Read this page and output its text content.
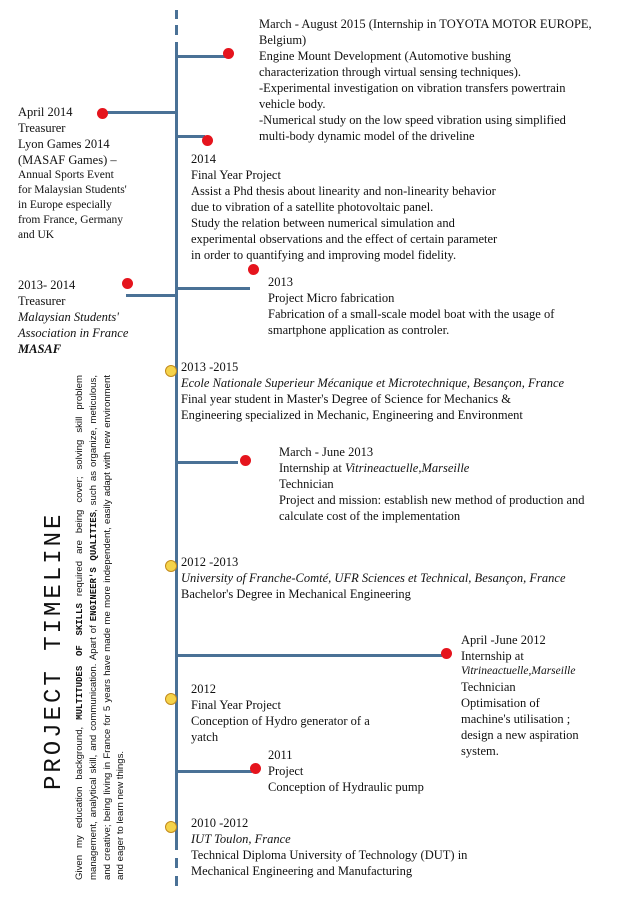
PROJECT TIMELINE
Given my education background, MULTITUDES OF SKILLS required are being cover; solving skill problem management, analytical skill, and communication. Apart of ENGINEER'S QUALITIES, such as organize, meticulous, and creative; being living in France for 5 years have made me more independent, easily adapt with new environment and eager to learn new things.
March - August 2015 (Internship in TOYOTA MOTOR EUROPE,
Belgium)
Engine Mount Development (Automotive bushing
characterization through virtual sensing techniques).
-Experimental investigation on vibration transfers powertrain
vehicle body.
-Numerical study on the low speed vibration using simplified
multi-body dynamic model of the driveline
April 2014
Treasurer
Lyon Games 2014
(MASAF Games) –
Annual Sports Event
for Malaysian Students'
in Europe especially
from France, Germany
and UK
2014
Final Year Project
Assist a Phd thesis about linearity and non-linearity behavior
due to vibration of a satellite photovoltaic panel.
Study the relation between numerical simulation and
experimental observations and the effect of certain parameter
in order to quantifying and improving model fidelity.
2013- 2014
Treasurer
Malaysian Students'
Association in France
MASAF
2013
Project Micro fabrication
Fabrication of a small-scale model boat with the usage of
smartphone application as controler.
2013 -2015
Ecole Nationale Superieur Mécanique et Microtechnique, Besançon, France
Final year student in Master's Degree of Science for Mechanics &
Engineering specialized in Mechanic, Engineering and Environment
March - June 2013
Internship at Vitrineactuelle,Marseille
Technician
Project and mission: establish new method of production and
calculate cost of the implementation
2012 -2013
University of Franche-Comté, UFR Sciences et Technical, Besançon, France
Bachelor's Degree in Mechanical Engineering
April -June 2012
Internship at
Vitrineactuelle,Marseille
Technician
Optimisation of
machine's utilisation ;
design a new aspiration
system.
2012
Final Year Project
Conception of Hydro generator of a
yatch
2011
Project
Conception of Hydraulic pump
2010 -2012
IUT Toulon, France
Technical Diploma University of Technology (DUT) in
Mechanical Engineering and Manufacturing
